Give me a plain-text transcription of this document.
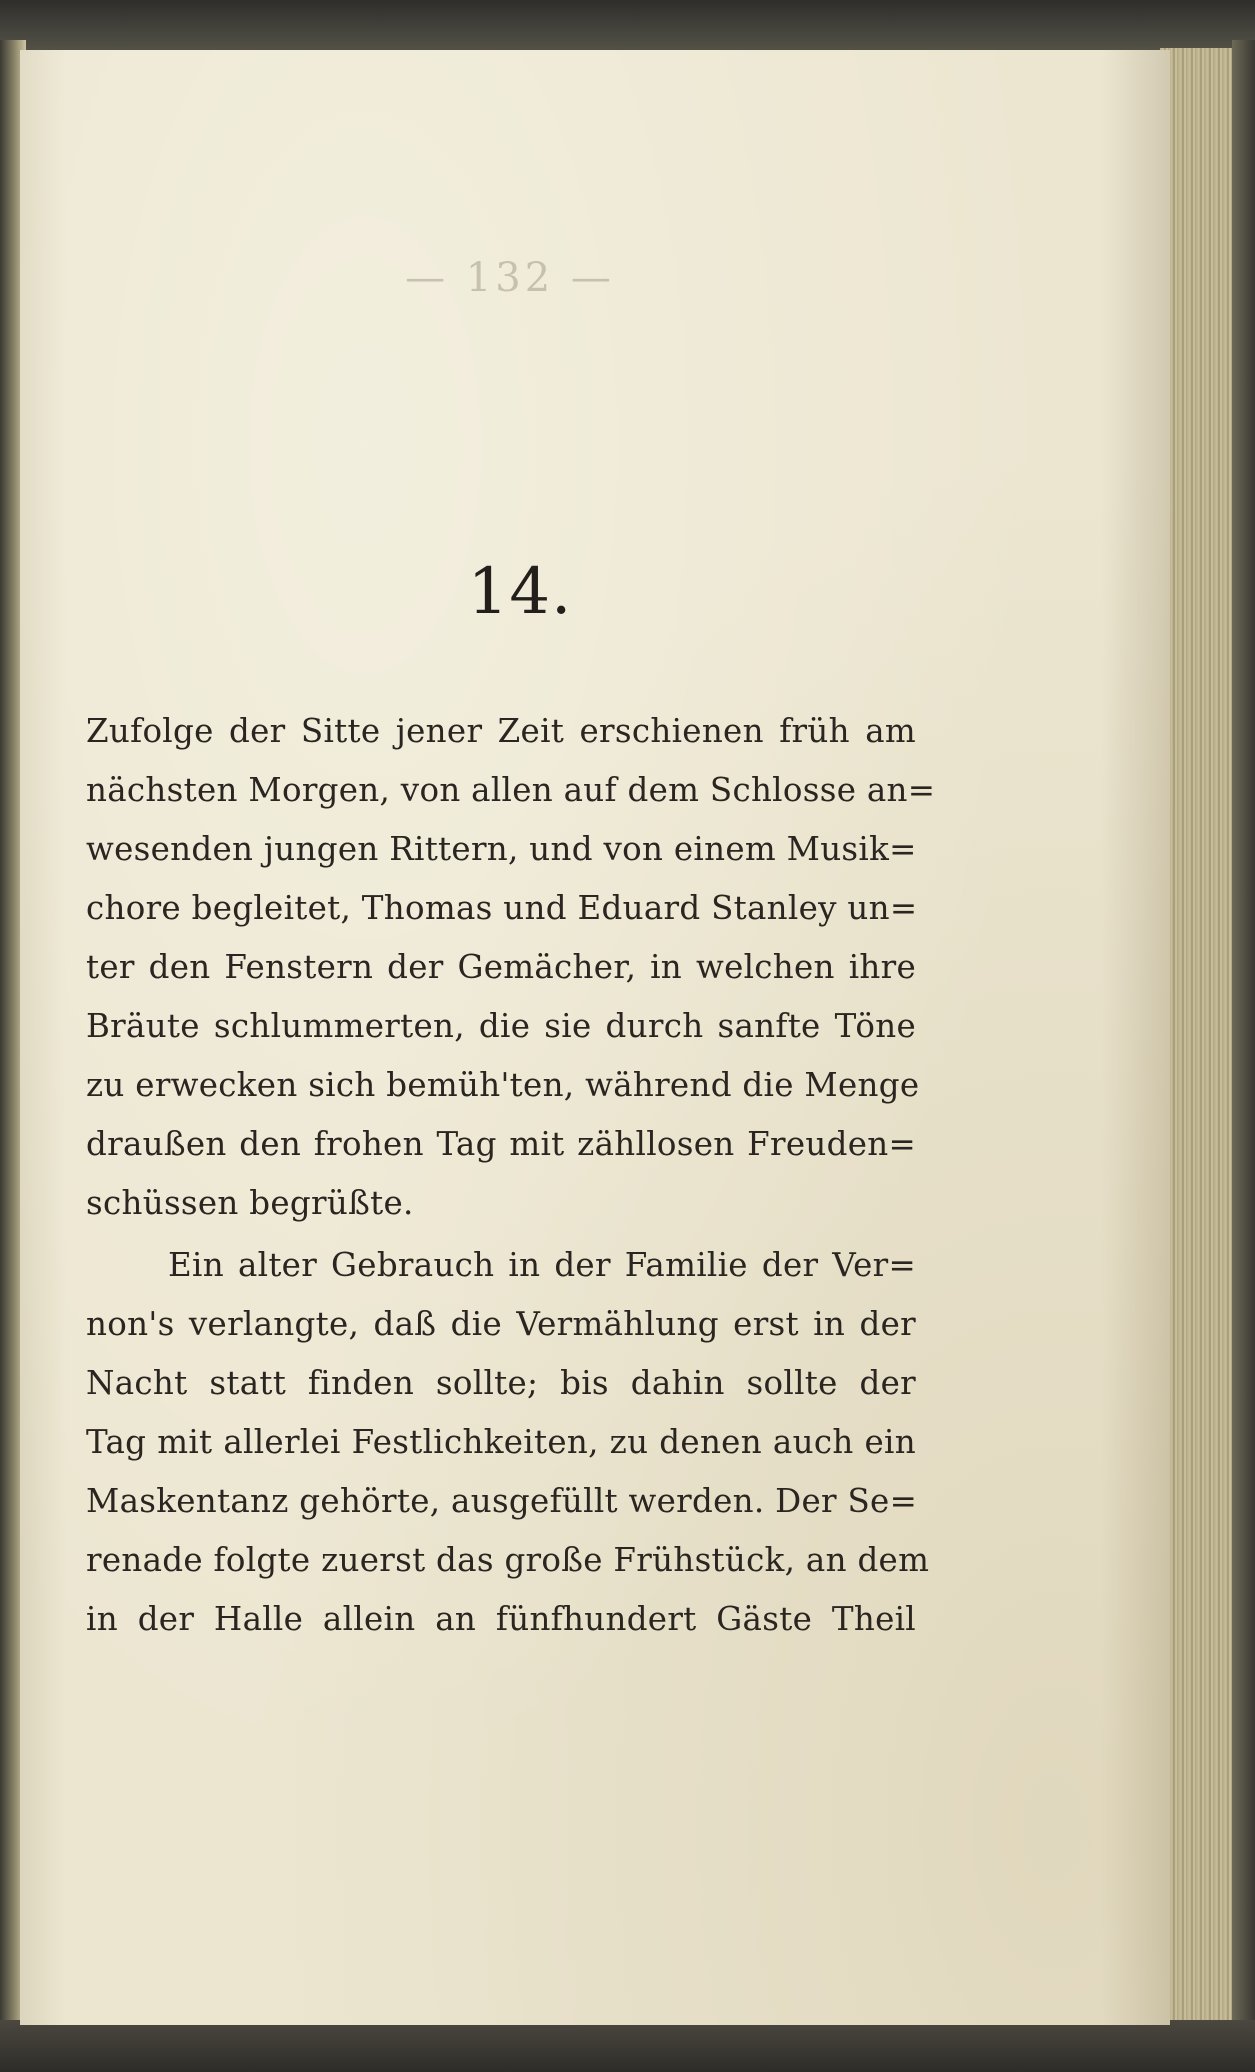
— 132 —
14.
Zufolge der Sitte jener Zeit erschienen früh am
nächsten Morgen, von allen auf dem Schlosse an=
wesenden jungen Rittern, und von einem Musik=
chore begleitet, Thomas und Eduard Stanley un=
ter den Fenstern der Gemächer, in welchen ihre
Bräute schlummerten, die sie durch sanfte Töne
zu erwecken sich bemüh'ten, während die Menge
draußen den frohen Tag mit zähllosen Freuden=
schüssen begrüßte.
Ein alter Gebrauch in der Familie der Ver=
non's verlangte, daß die Vermählung erst in der
Nacht statt finden sollte; bis dahin sollte der
Tag mit allerlei Festlichkeiten, zu denen auch ein
Maskentanz gehörte, ausgefüllt werden. Der Se=
renade folgte zuerst das große Frühstück, an dem
in der Halle allein an fünfhundert Gäste Theil
